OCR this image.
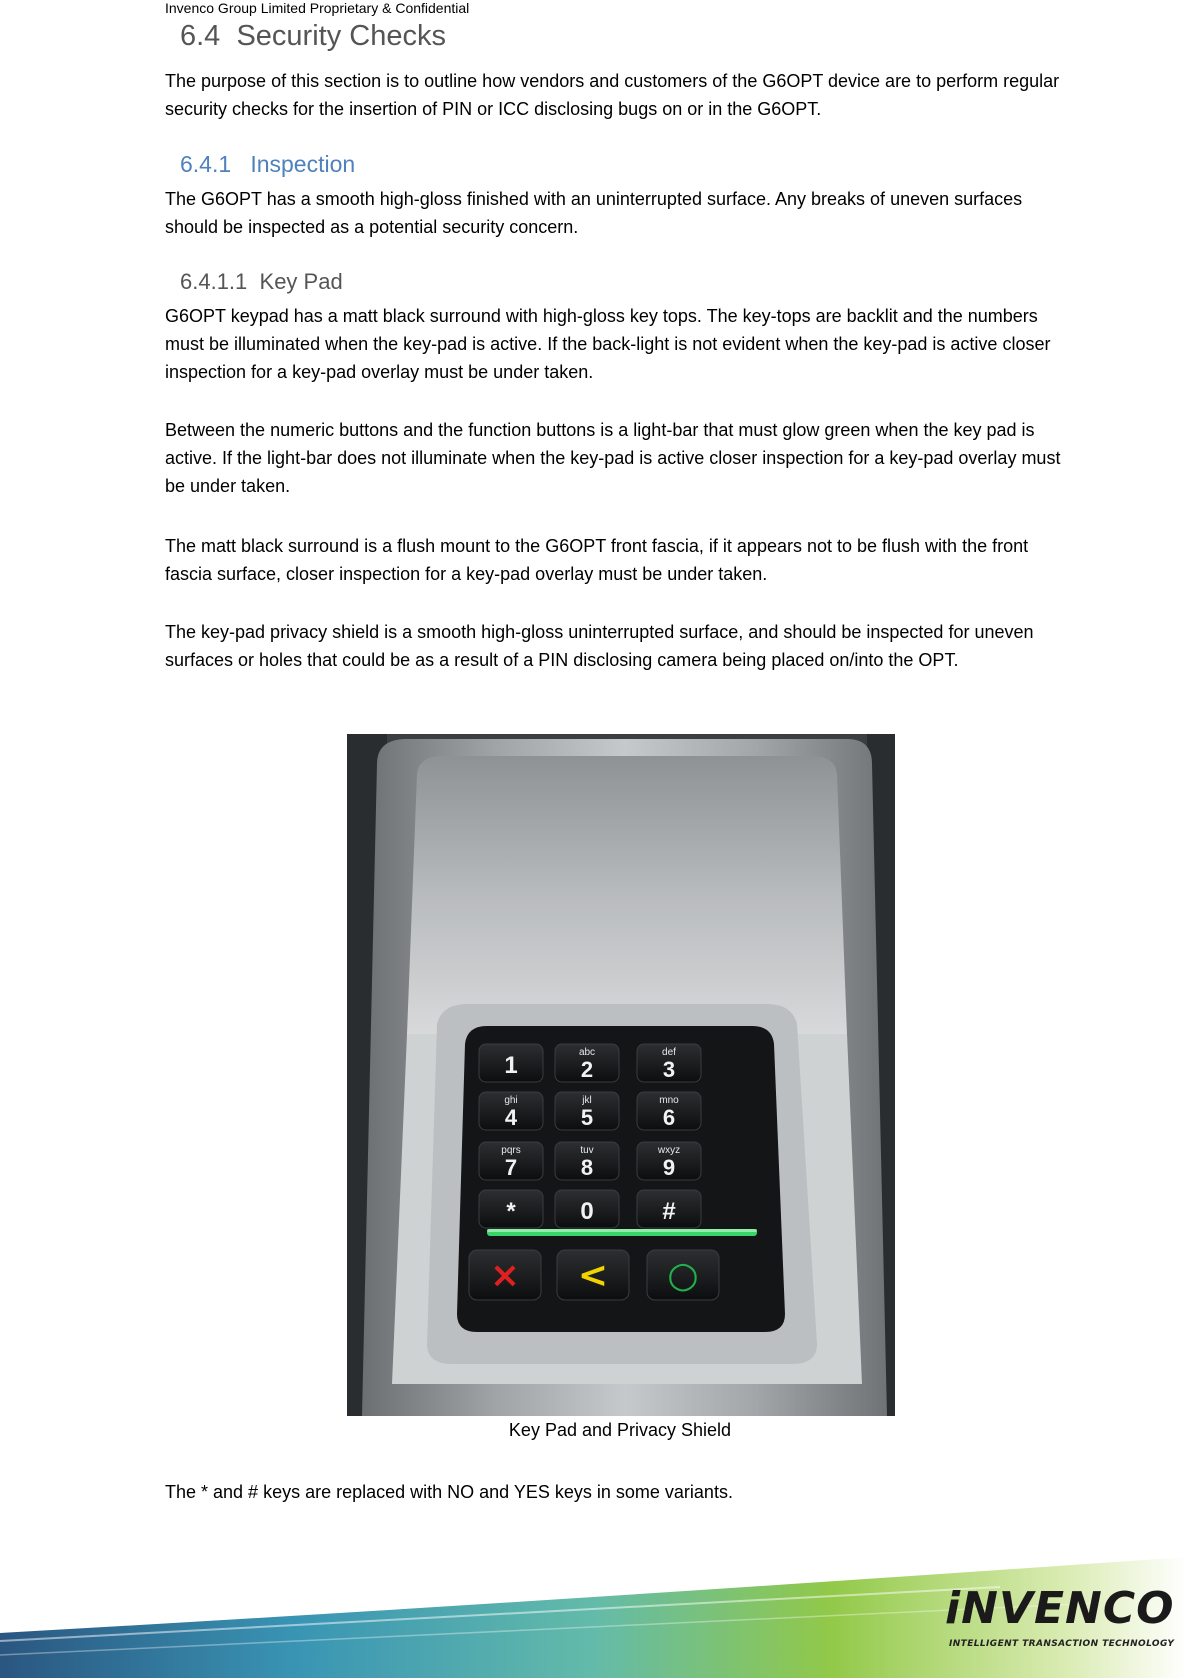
Invenco Group Limited Proprietary & Confidential
6.4 Security Checks

The purpose of this section is to outline how vendors and customers of the G6OPT device are to perform regular security checks for the insertion of PIN or ICC disclosing bugs on or in the G6OPT.

6.4.1 Inspection

The G6OPT has a smooth high-gloss finished with an uninterrupted surface. Any breaks of uneven surfaces should be inspected as a potential security concern.

6.4.1.1 Key Pad

G6OPT keypad has a matt black surround with high-gloss key tops. The key-tops are backlit and the numbers must be illuminated when the key-pad is active. If the back-light is not evident when the key-pad is active closer inspection for a key-pad overlay must be under taken.

Between the numeric buttons and the function buttons is a light-bar that must glow green when the key pad is active. If the light-bar does not illuminate when the key-pad is active closer inspection for a key-pad overlay must be under taken.

The matt black surround is a flush mount to the G6OPT front fascia, if it appears not to be flush with the front fascia surface, closer inspection for a key-pad overlay must be under taken.

The key-pad privacy shield is a smooth high-gloss uninterrupted surface, and should be inspected for uneven surfaces or holes that could be as a result of a PIN disclosing camera being placed on/into the OPT.

1	abc
2
def
3
ghi
4
jkl
5
mno
6
pqrs
7
tuv
8
wxyz
9
*	0	#
× < ○
Key Pad and Privacy Shield

The * and # keys are replaced with NO and YES keys in some variants.

iNVENCO
INTELLIGENT TRANSACTION TECHNOLOGY
